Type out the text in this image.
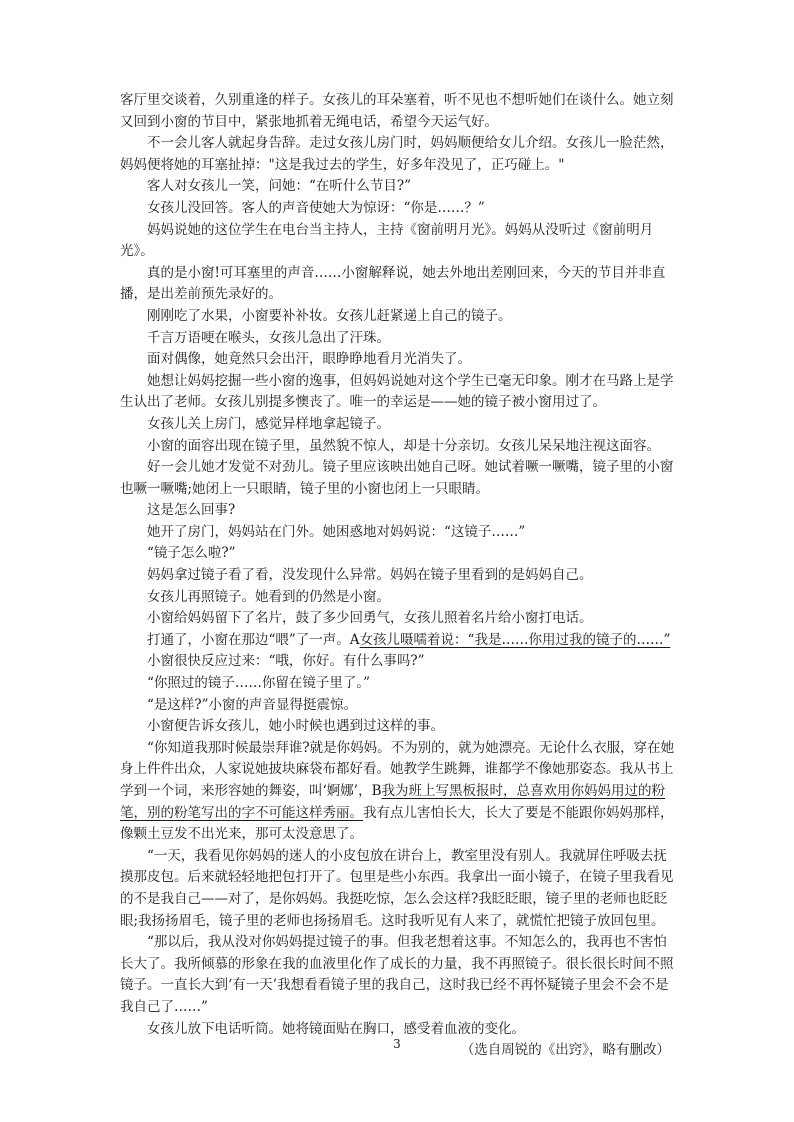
客厅里交谈着，久别重逢的样子。女孩儿的耳朵塞着，听不见也不想听她们在谈什么。她立刻又回到小窗的节目中，紧张地抓着无绳电话，希望今天运气好。

不一会儿客人就起身告辞。走过女孩儿房门时，妈妈顺便给女儿介绍。女孩儿一脸茫然，妈妈便将她的耳塞扯掉："这是我过去的学生，好多年没见了，正巧碰上。"

客人对女孩儿一笑，问她：“在听什么节目?”

女孩儿没回答。客人的声音使她大为惊讶：“你是……？”

妈妈说她的这位学生在电台当主持人，主持《窗前明月光》。妈妈从没听过《窗前明月光》。

真的是小窗!可耳塞里的声音……小窗解释说，她去外地出差刚回来，今天的节目并非直播，是出差前预先录好的。

刚刚吃了水果，小窗要补补妆。女孩儿赶紧递上自己的镜子。

千言万语哽在喉头，女孩儿急出了汗珠。

面对偶像，她竟然只会出汗，眼睁睁地看月光消失了。

她想让妈妈挖掘一些小窗的逸事，但妈妈说她对这个学生已毫无印象。刚才在马路上是学生认出了老师。女孩儿别提多懊丧了。唯一的幸运是——她的镜子被小窗用过了。

女孩儿关上房门，感觉异样地拿起镜子。

小窗的面容出现在镜子里，虽然貌不惊人，却是十分亲切。女孩儿呆呆地注视这面容。

好一会儿她才发觉不对劲儿。镜子里应该映出她自己呀。她试着噘一噘嘴，镜子里的小窗也噘一噘嘴;她闭上一只眼睛，镜子里的小窗也闭上一只眼睛。

这是怎么回事?

她开了房门，妈妈站在门外。她困惑地对妈妈说：“这镜子……”

“镜子怎么啦?”

妈妈拿过镜子看了看，没发现什么异常。妈妈在镜子里看到的是妈妈自己。

女孩儿再照镜子。她看到的仍然是小窗。

小窗给妈妈留下了名片，鼓了多少回勇气，女孩儿照着名片给小窗打电话。

打通了，小窗在那边“喂”了一声。A女孩儿嗫嚅着说：“我是……你用过我的镜子的……”

小窗很快反应过来：“哦，你好。有什么事吗?”

“你照过的镜子……你留在镜子里了。”

“是这样?”小窗的声音显得挺震惊。

小窗便告诉女孩儿，她小时候也遇到过这样的事。

“你知道我那时候最崇拜谁?就是你妈妈。不为别的，就为她漂亮。无论什么衣服，穿在她身上件件出众，人家说她披块麻袋布都好看。她教学生跳舞，谁都学不像她那姿态。我从书上学到一个词，来形容她的舞姿，叫‘婀娜’，B我为班上写黑板报时，总喜欢用你妈妈用过的粉笔，别的粉笔写出的字不可能这样秀丽。我有点儿害怕长大，长大了要是不能跟你妈妈那样，像颗土豆发不出光来，那可太没意思了。

“一天，我看见你妈妈的迷人的小皮包放在讲台上，教室里没有别人。我就屏住呼吸去抚摸那皮包。后来就轻轻地把包打开了。包里是些小东西。我拿出一面小镜子，在镜子里我看见的不是我自己——对了，是你妈妈。我挺吃惊，怎么会这样?我眨眨眼，镜子里的老师也眨眨眼;我扬扬眉毛，镜子里的老师也扬扬眉毛。这时我听见有人来了，就慌忙把镜子放回包里。

“那以后，我从没对你妈妈提过镜子的事。但我老想着这事。不知怎么的，我再也不害怕长大了。我所倾慕的形象在我的血液里化作了成长的力量，我不再照镜子。很长很长时间不照镜子。一直长大到‘有一天’我想看看镜子里的我自己，这时我已经不再怀疑镜子里会不会不是我自己了……”

女孩儿放下电话听筒。她将镜面贴在胸口，感受着血液的变化。

（选自周锐的《出窍》，略有删改）

3
